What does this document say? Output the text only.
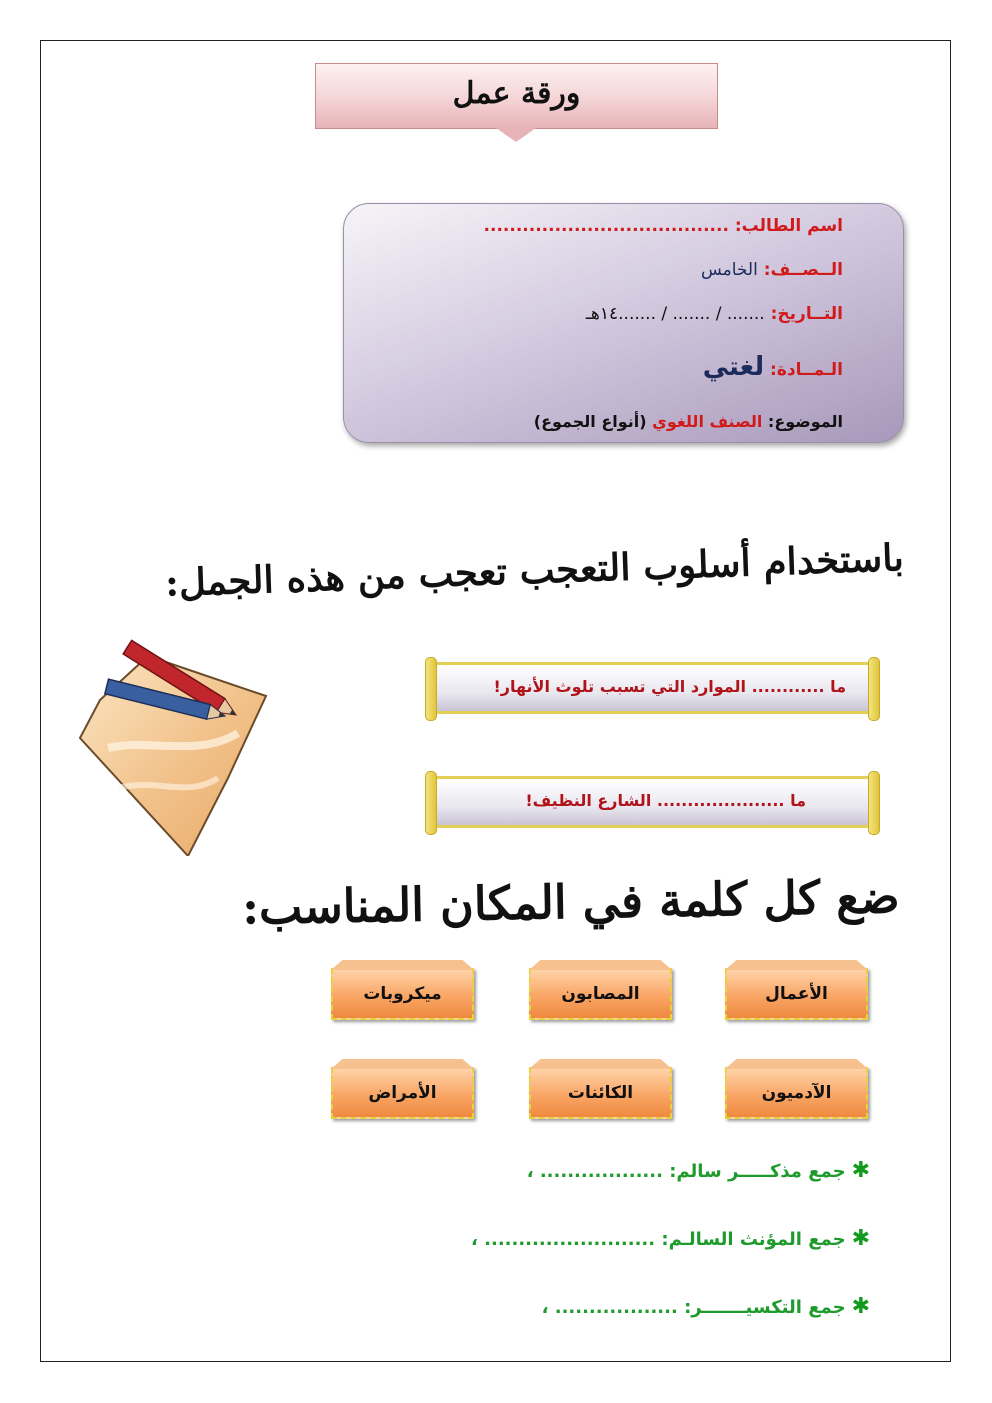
ورقة عمل
اسم الطالب: ......................................
الــصــف: الخامس
التــاريخ: ....... / ....... / .......١٤هـ
الـمــادة: لغتي
الموضوع: الصنف اللغوي (أنواع الجموع)
باستخدام أسلوب التعجب تعجب من هذه الجمل:
ما ............ الموارد التي تسبب تلوث الأنهار!
ما ..................... الشارع النظيف!
ضع كل كلمة في المكان المناسب:
الأعمال
المصابون
ميكروبات
الآدميون
الكائنات
الأمراض
✱جمع مذكـــــر سالم: .................. ،
✱جمع المؤنث السالـم: ......................... ،
✱جمع التكسيـــــــر: .................. ،
